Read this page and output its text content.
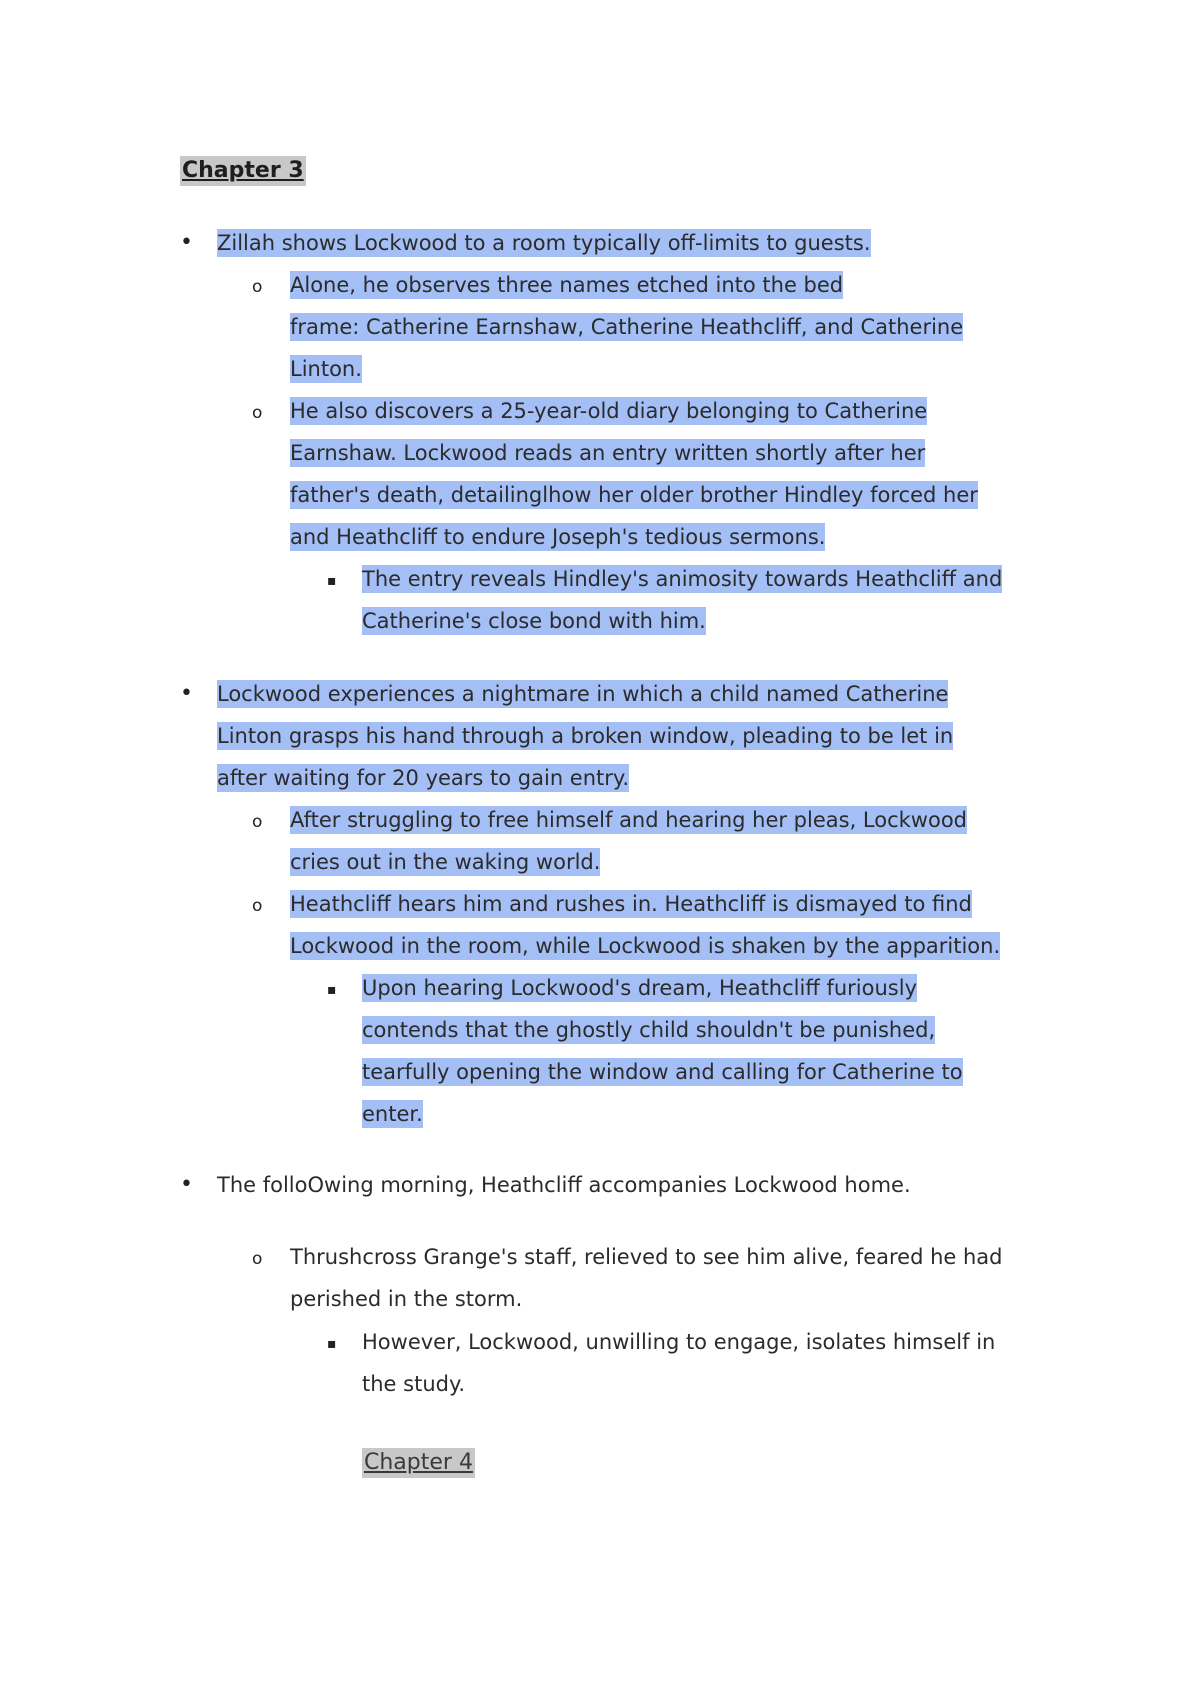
Chapter 3
• Zillah shows Lockwood to a room typically off-limits to guests.
o Alone, he observes three names etched into the bed
frame: Catherine Earnshaw, Catherine Heathcliff, and Catherine
Linton.
o He also discovers a 25-year-old diary belonging to Catherine
Earnshaw. Lockwood reads an entry written shortly after her
father's death, detailinglhow her older brother Hindley forced her
and Heathcliff to endure Joseph's tedious sermons.
▪ The entry reveals Hindley's animosity towards Heathcliff and
Catherine's close bond with him.
• Lockwood experiences a nightmare in which a child named Catherine
Linton grasps his hand through a broken window, pleading to be let in
after waiting for 20 years to gain entry.
o After struggling to free himself and hearing her pleas, Lockwood
cries out in the waking world.
o Heathcliff hears him and rushes in. Heathcliff is dismayed to find
Lockwood in the room, while Lockwood is shaken by the apparition.
▪ Upon hearing Lockwood's dream, Heathcliff furiously
contends that the ghostly child shouldn't be punished,
tearfully opening the window and calling for Catherine to
enter.
• The folloOwing morning, Heathcliff accompanies Lockwood home.
o Thrushcross Grange's staff, relieved to see him alive, feared he had
perished in the storm.
▪ However, Lockwood, unwilling to engage, isolates himself in
the study.
Chapter 4
